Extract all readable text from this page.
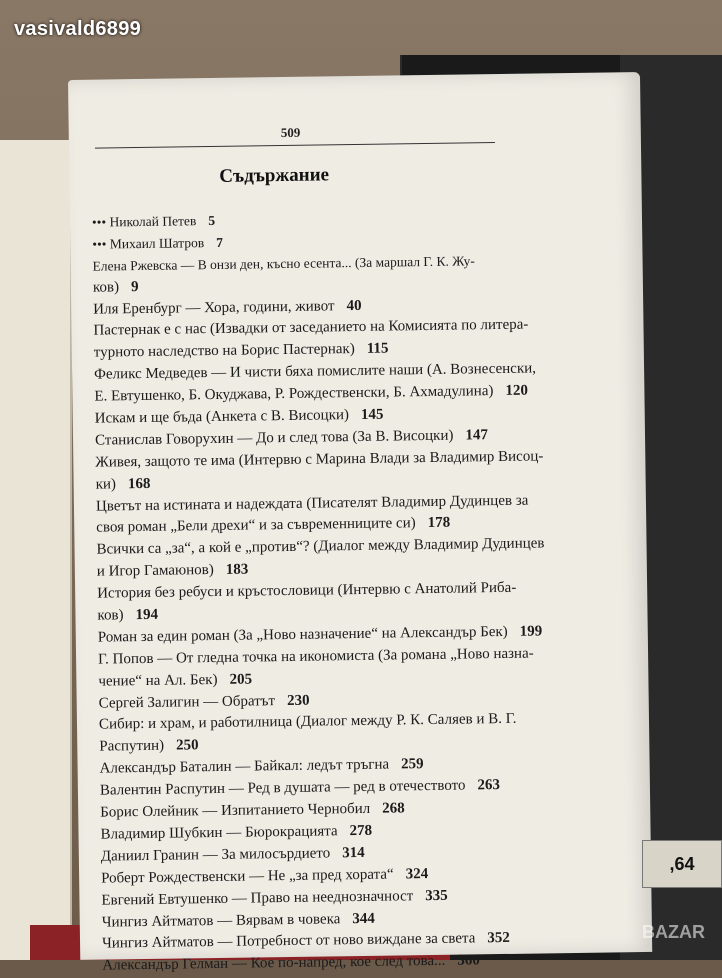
509
Съдържание
••• Николай Петев 5
••• Михаил Шатров 7
Елена Ржевска — В онзи ден, късно есента... (За маршал Г. К. Жу-
ков) 9
Иля Еренбург — Хора, години, живот 40
Пастернак е с нас (Извадки от заседанието на Комисията по литера-
турното наследство на Борис Пастернак) 115
Феликс Медведев — И чисти бяха помислите наши (А. Вознесенски,
Е. Евтушенко, Б. Окуджава, Р. Рождественски, Б. Ахмадулина) 120
Искам и ще бъда (Анкета с В. Висоцки) 145
Станислав Говорухин — До и след това (За В. Висоцки) 147
Живея, защото те има (Интервю с Марина Влади за Владимир Висоц-
ки) 168
Цветът на истината и надеждата (Писателят Владимир Дудинцев за
своя роман „Бели дрехи“ и за съвременниците си) 178
Всички са „за“, а кой е „против“? (Диалог между Владимир Дудинцев
и Игор Гамаюнов) 183
История без ребуси и кръстословици (Интервю с Анатолий Риба-
ков) 194
Роман за един роман (За „Ново назначение“ на Александър Бек) 199
Г. Попов — От гледна точка на икономиста (За романа „Ново назна-
чение“ на Ал. Бек) 205
Сергей Залигин — Обратът 230
Сибир: и храм, и работилница (Диалог между Р. К. Саляев и В. Г.
Распутин) 250
Александър Баталин — Байкал: ледът тръгна 259
Валентин Распутин — Ред в душата — ред в отечеството 263
Борис Олейник — Изпитанието Чернобил 268
Владимир Шубкин — Бюрокрацията 278
Даниил Гранин — За милосърдието 314
Роберт Рождественски — Не „за пред хората“ 324
Евгений Евтушенко — Право на нееднозначност 335
Чингиз Айтматов — Вярвам в човека 344
Чингиз Айтматов — Потребност от ново виждане за света 352
Александър Гелман — Кое по-напред, кое след това... 360
vasivald6899
,64
BAZAR
